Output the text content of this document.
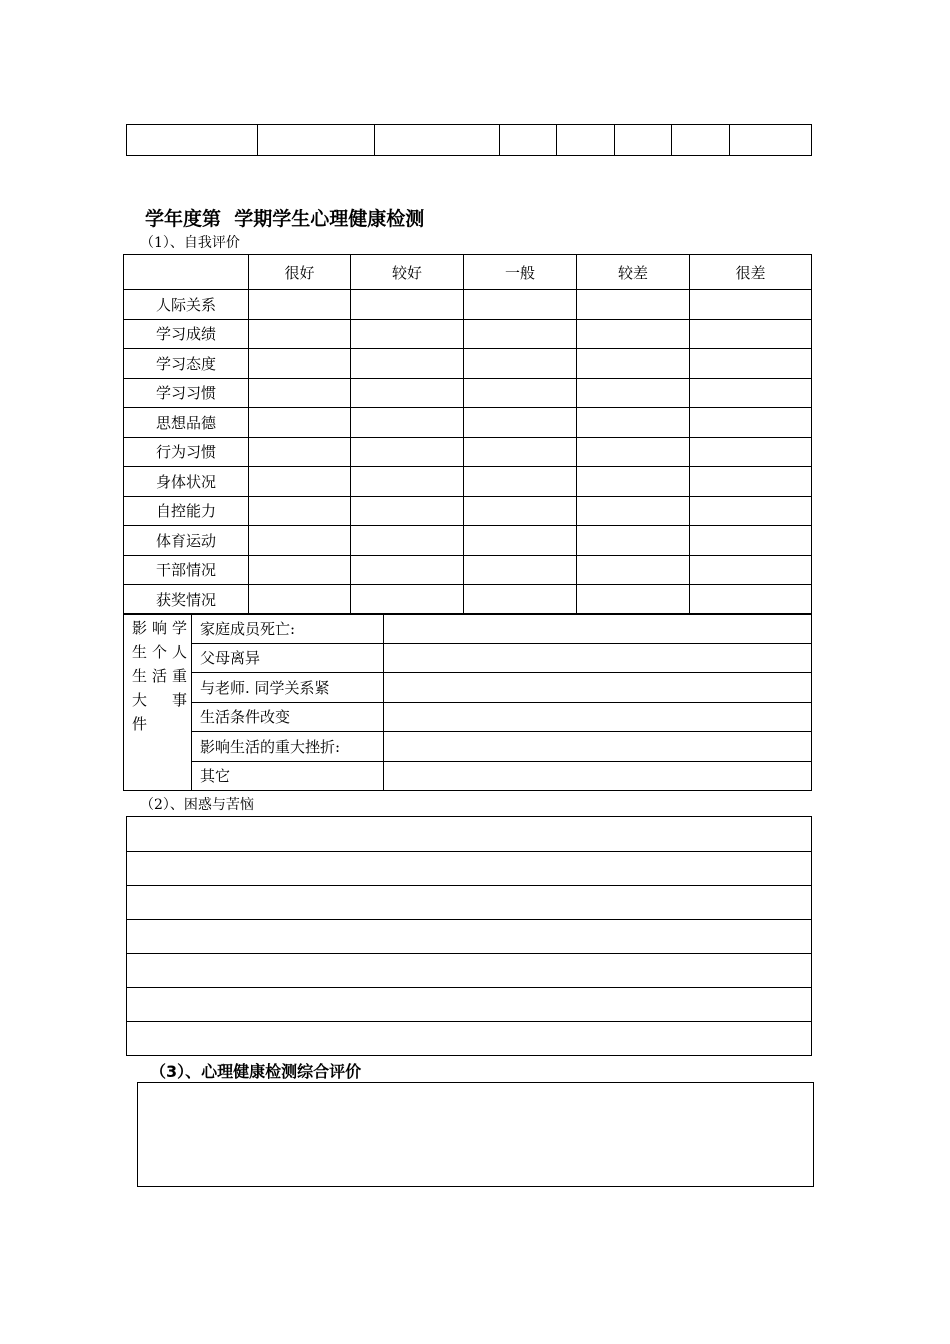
学年度第  学期学生心理健康检测
（1）、自我评价
	很好	较好	一般	较差	很差
人际关系					
学习成绩					
学习态度					
学习习惯					
思想品德					
行为习惯					
身体状况					
自控能力					
体育运动					
干部情况					
获奖情况					
影响学
生个人
生活重
大　事
件	家庭成员死亡:	
	父母离异	
	与老师. 同学关系紧	
	生活条件改变	
	影响生活的重大挫折:	
	其它	
（2）、困惑与苦恼

（3）、心理健康检测综合评价
